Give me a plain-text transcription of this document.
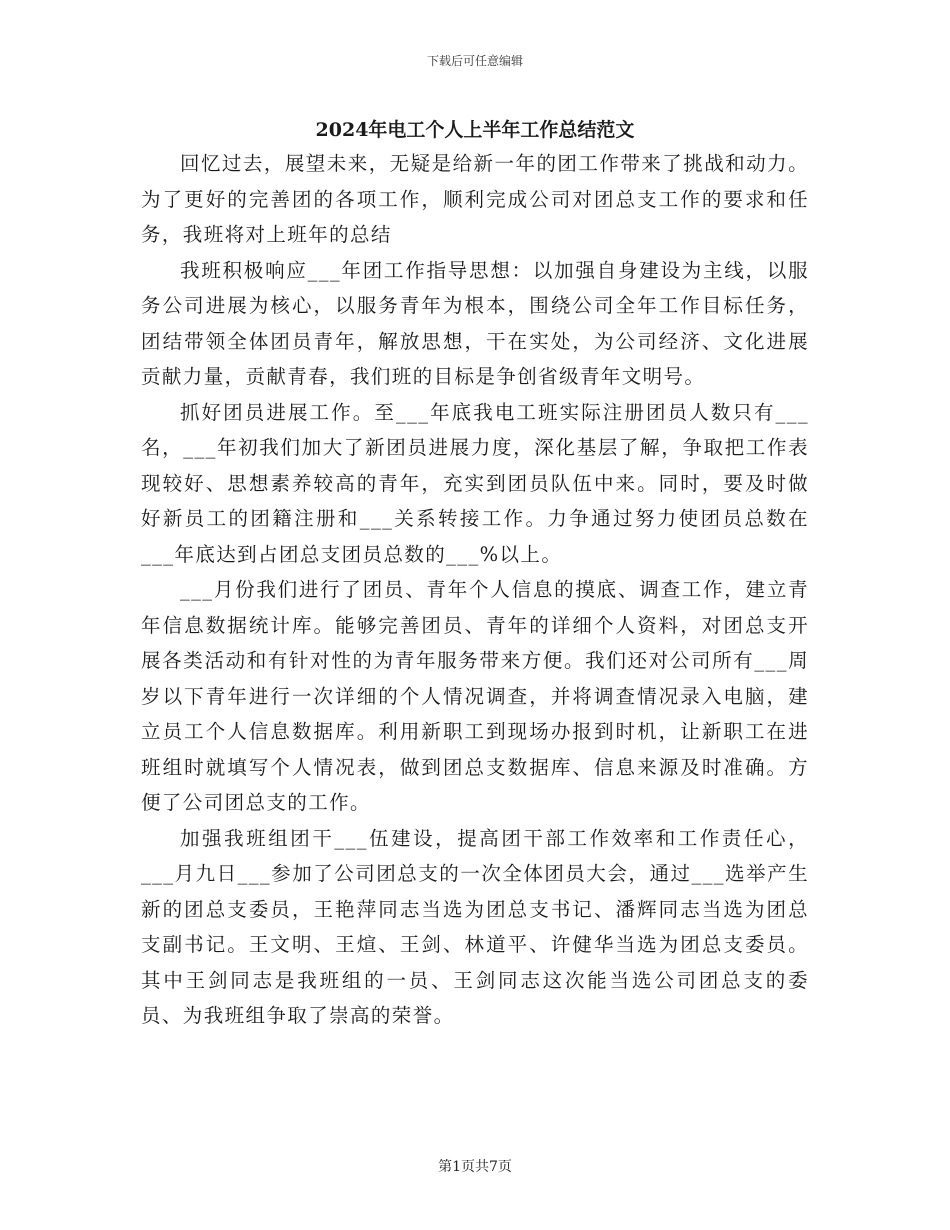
下载后可任意编辑
2024年电工个人上半年工作总结范文

回忆过去，展望未来，无疑是给新一年的团工作带来了挑战和动力。为了更好的完善团的各项工作，顺利完成公司对团总支工作的要求和任务，我班将对上班年的总结

我班积极响应___年团工作指导思想：以加强自身建设为主线，以服务公司进展为核心，以服务青年为根本，围绕公司全年工作目标任务，团结带领全体团员青年，解放思想，干在实处，为公司经济、文化进展贡献力量，贡献青春，我们班的目标是争创省级青年文明号。

抓好团员进展工作。至___年底我电工班实际注册团员人数只有___名，___年初我们加大了新团员进展力度，深化基层了解，争取把工作表现较好、思想素养较高的青年，充实到团员队伍中来。同时，要及时做好新员工的团籍注册和___关系转接工作。力争通过努力使团员总数在___年底达到占团总支团员总数的___%以上。

___月份我们进行了团员、青年个人信息的摸底、调查工作，建立青年信息数据统计库。能够完善团员、青年的详细个人资料，对团总支开展各类活动和有针对性的为青年服务带来方便。我们还对公司所有___周岁以下青年进行一次详细的个人情况调查，并将调查情况录入电脑，建立员工个人信息数据库。利用新职工到现场办报到时机，让新职工在进班组时就填写个人情况表，做到团总支数据库、信息来源及时准确。方便了公司团总支的工作。

加强我班组团干___伍建设，提高团干部工作效率和工作责任心，___月九日___参加了公司团总支的一次全体团员大会，通过___选举产生新的团总支委员，王艳萍同志当选为团总支书记、潘辉同志当选为团总支副书记。王文明、王煊、王剑、林道平、许健华当选为团总支委员。其中王剑同志是我班组的一员、王剑同志这次能当选公司团总支的委员、为我班组争取了崇高的荣誉。

第1页共7页
